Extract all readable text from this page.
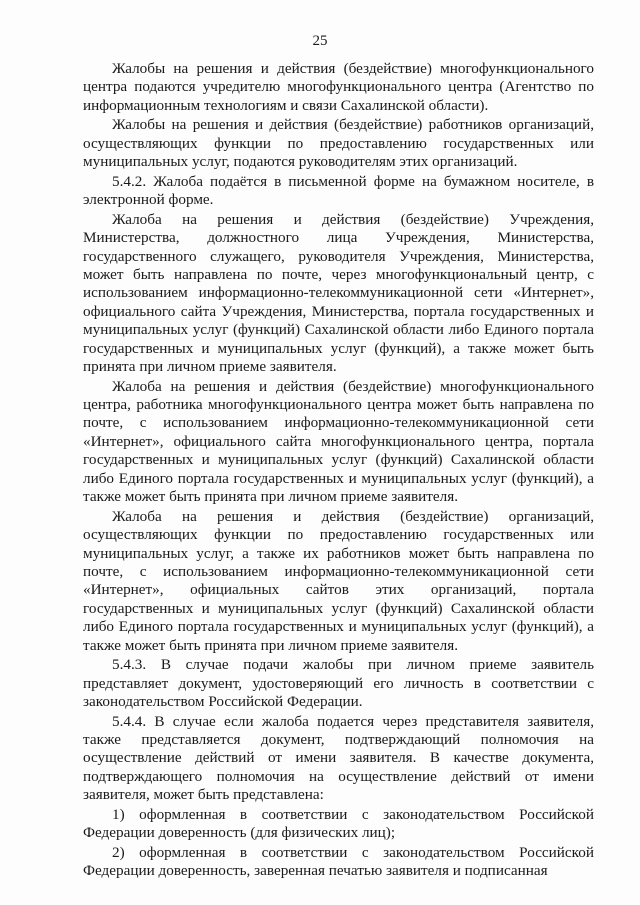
25

Жалобы на решения и действия (бездействие) многофункционального центра подаются учредителю многофункционального центра (Агентство по информационным технологиям и связи Сахалинской области).

Жалобы на решения и действия (бездействие) работников организаций, осуществляющих функции по предоставлению государственных или муниципальных услуг, подаются руководителям этих организаций.

5.4.2. Жалоба подаётся в письменной форме на бумажном носителе, в электронной форме.

Жалоба на решения и действия (бездействие) Учреждения, Министерства, должностного лица Учреждения, Министерства, государственного служащего, руководителя Учреждения, Министерства, может быть направлена по почте, через многофункциональный центр, с использованием информационно-телекоммуникационной сети «Интернет», официального сайта Учреждения, Министерства, портала государственных и муниципальных услуг (функций) Сахалинской области либо Единого портала государственных и муниципальных услуг (функций), а также может быть принята при личном приеме заявителя.

Жалоба на решения и действия (бездействие) многофункционального центра, работника многофункционального центра может быть направлена по почте, с использованием информационно-телекоммуникационной сети «Интернет», официального сайта многофункционального центра, портала государственных и муниципальных услуг (функций) Сахалинской области либо Единого портала государственных и муниципальных услуг (функций), а также может быть принята при личном приеме заявителя.

Жалоба на решения и действия (бездействие) организаций, осуществляющих функции по предоставлению государственных или муниципальных услуг, а также их работников может быть направлена по почте, с использованием информационно-телекоммуникационной сети «Интернет», официальных сайтов этих организаций, портала государственных и муниципальных услуг (функций) Сахалинской области либо Единого портала государственных и муниципальных услуг (функций), а также может быть принята при личном приеме заявителя.

5.4.3. В случае подачи жалобы при личном приеме заявитель представляет документ, удостоверяющий его личность в соответствии с законодательством Российской Федерации.

5.4.4. В случае если жалоба подается через представителя заявителя, также представляется документ, подтверждающий полномочия на осуществление действий от имени заявителя. В качестве документа, подтверждающего полномочия на осуществление действий от имени заявителя, может быть представлена:

1) оформленная в соответствии с законодательством Российской Федерации доверенность (для физических лиц);

2) оформленная в соответствии с законодательством Российской Федерации доверенность, заверенная печатью заявителя и подписанная
